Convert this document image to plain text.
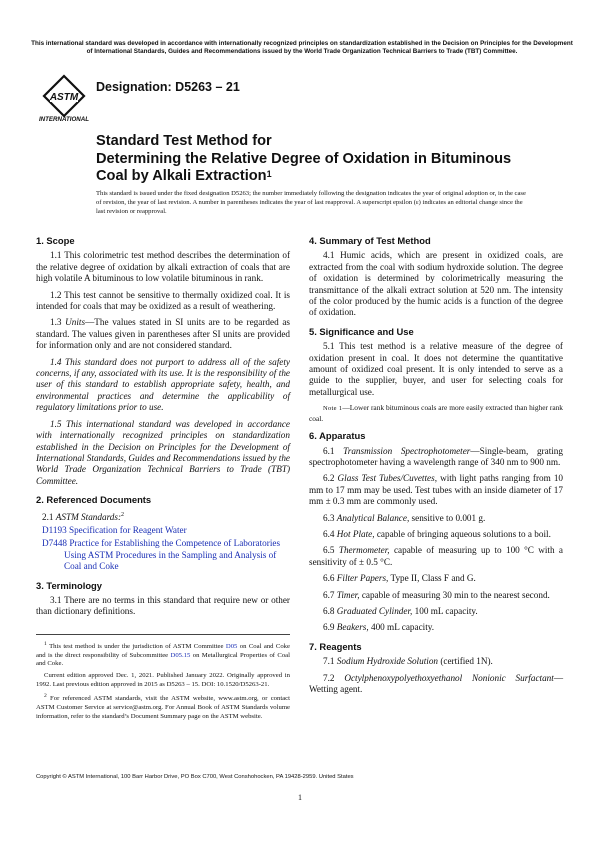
This international standard was developed in accordance with internationally recognized principles on standardization established in the Decision on Principles for the Development of International Standards, Guides and Recommendations issued by the World Trade Organization Technical Barriers to Trade (TBT) Committee.
ASTM
INTERNATIONAL
Designation: D5263 – 21
Standard Test Method for
Determining the Relative Degree of Oxidation in Bituminous Coal by Alkali Extraction$^1$
This standard is issued under the fixed designation D5263; the number immediately following the designation indicates the year of original adoption or, in the case of revision, the year of last revision. A number in parentheses indicates the year of last reapproval. A superscript epsilon (ε) indicates an editorial change since the last revision or reapproval.
1. Scope

1.1 This colorimetric test method describes the determination of the relative degree of oxidation by alkali extraction of coals that are high volatile A bituminous to low volatile bituminous in rank.

1.2 This test cannot be sensitive to thermally oxidized coal. It is intended for coals that may be oxidized as a result of weathering.

1.3 Units—The values stated in SI units are to be regarded as standard. The values given in parentheses after SI units are provided for information only and are not considered standard.

1.4 This standard does not purport to address all of the safety concerns, if any, associated with its use. It is the responsibility of the user of this standard to establish appropriate safety, health, and environmental practices and determine the applicability of regulatory limitations prior to use.

1.5 This international standard was developed in accordance with internationally recognized principles on standardization established in the Decision on Principles for the Development of International Standards, Guides and Recommendations issued by the World Trade Organization Technical Barriers to Trade (TBT) Committee.

2. Referenced Documents
2.1 ASTM Standards:$^2$
D1193 Specification for Reagent Water
D7448 Practice for Establishing the Competence of Laboratories Using ASTM Procedures in the Sampling and Analysis of Coal and Coke
3. Terminology

3.1 There are no terms in this standard that require new or other than dictionary definitions.

4. Summary of Test Method

4.1 Humic acids, which are present in oxidized coals, are extracted from the coal with sodium hydroxide solution. The degree of oxidation is determined by colorimetrically measuring the transmittance of the alkali extract solution at 520 nm. The intensity of the color produced by the humic acids is a function of the degree of oxidation.

5. Significance and Use

5.1 This test method is a relative measure of the degree of oxidation present in coal. It does not determine the quantitative amount of oxidized coal present. It is only intended to serve as a guide to the supplier, buyer, and user for selecting coals for metallurgical use.

Note 1—Lower rank bituminous coals are more easily extracted than higher rank coal.
6. Apparatus

6.1 Transmission Spectrophotometer—Single-beam, grating spectrophotometer having a wavelength range of 340 nm to 900 nm.

6.2 Glass Test Tubes/Cuvettes, with light paths ranging from 10 mm to 17 mm may be used. Test tubes with an inside diameter of 17 mm ± 0.3 mm are commonly used.

6.3 Analytical Balance, sensitive to 0.001 g.

6.4 Hot Plate, capable of bringing aqueous solutions to a boil.

6.5 Thermometer, capable of measuring up to 100 °C with a sensitivity of ± 0.5 °C.

6.6 Filter Papers, Type II, Class F and G.

6.7 Timer, capable of measuring 30 min to the nearest second.

6.8 Graduated Cylinder, 100 mL capacity.

6.9 Beakers, 400 mL capacity.

7. Reagents

7.1 Sodium Hydroxide Solution (certified 1N).

7.2 Octylphenoxypolyethoxyethanol Nonionic Surfactant—Wetting agent.

$^1$ This test method is under the jurisdiction of ASTM Committee D05 on Coal and Coke and is the direct responsibility of Subcommittee D05.15 on Metallurgical Properties of Coal and Coke.
Current edition approved Dec. 1, 2021. Published January 2022. Originally approved in 1992. Last previous edition approved in 2015 as D5263 – 15. DOI: 10.1520/D5263-21.
$^2$ For referenced ASTM standards, visit the ASTM website, www.astm.org, or contact ASTM Customer Service at service@astm.org. For Annual Book of ASTM Standards volume information, refer to the standard’s Document Summary page on the ASTM website.
Copyright © ASTM International, 100 Barr Harbor Drive, PO Box C700, West Conshohocken, PA 19428-2959. United States
1
